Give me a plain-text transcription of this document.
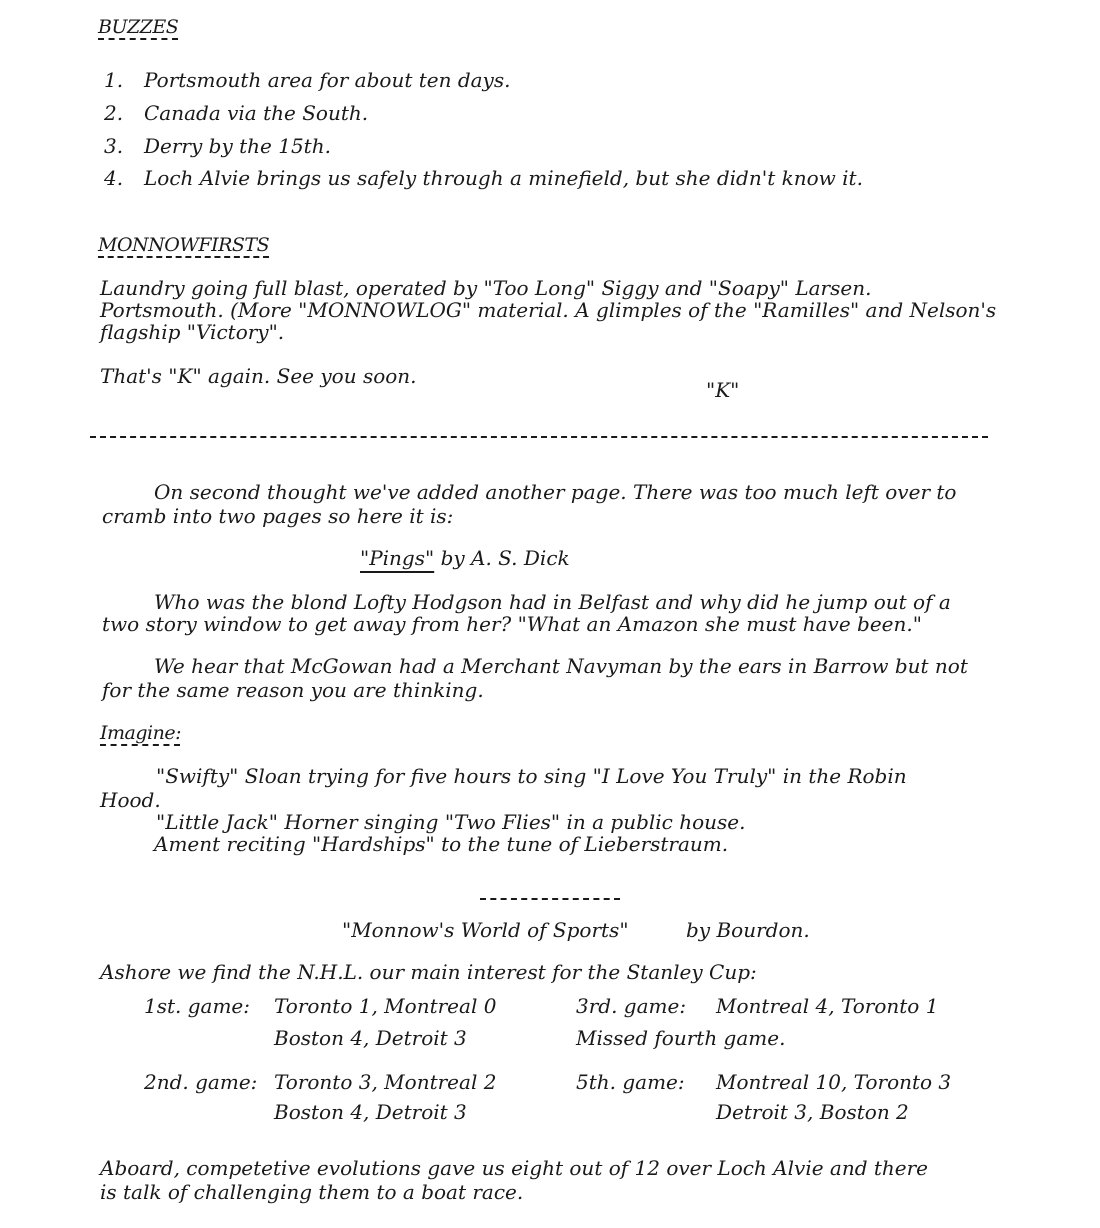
BUZZES
1. Portsmouth area for about ten days.
2. Canada via the South.
3. Derry by the 15th.
4. Loch Alvie brings us safely through a minefield, but she didn't know it.
MONNOWFIRSTS
Laundry going full blast, operated by "Too Long" Siggy and "Soapy" Larsen.
Portsmouth. (More "MONNOWLOG" material. A glimples of the "Ramilles" and Nelson's
flagship "Victory".
That's "K" again. See you soon.
"K"
On second thought we've added another page. There was too much left over to
cramb into two pages so here it is:
"Pings" by A. S. Dick
Who was the blond Lofty Hodgson had in Belfast and why did he jump out of a
two story window to get away from her? "What an Amazon she must have been."
We hear that McGowan had a Merchant Navyman by the ears in Barrow but not
for the same reason you are thinking.
Imagine:
"Swifty" Sloan trying for five hours to sing "I Love You Truly" in the Robin
Hood.
"Little Jack" Horner singing "Two Flies" in a public house.
Ament reciting "Hardships" to the tune of Lieberstraum.
"Monnow's World of Sports"	by Bourdon.
Ashore we find the N.H.L. our main interest for the Stanley Cup:
1st. game: Toronto 1, Montreal 0
Boston 4, Detroit 3
3rd. game: Montreal 4, Toronto 1
Missed fourth game.
2nd. game: Toronto 3, Montreal 2
Boston 4, Detroit 3
5th. game: Montreal 10, Toronto 3
Detroit 3, Boston 2
Aboard, competetive evolutions gave us eight out of 12 over Loch Alvie and there
is talk of challenging them to a boat race.
